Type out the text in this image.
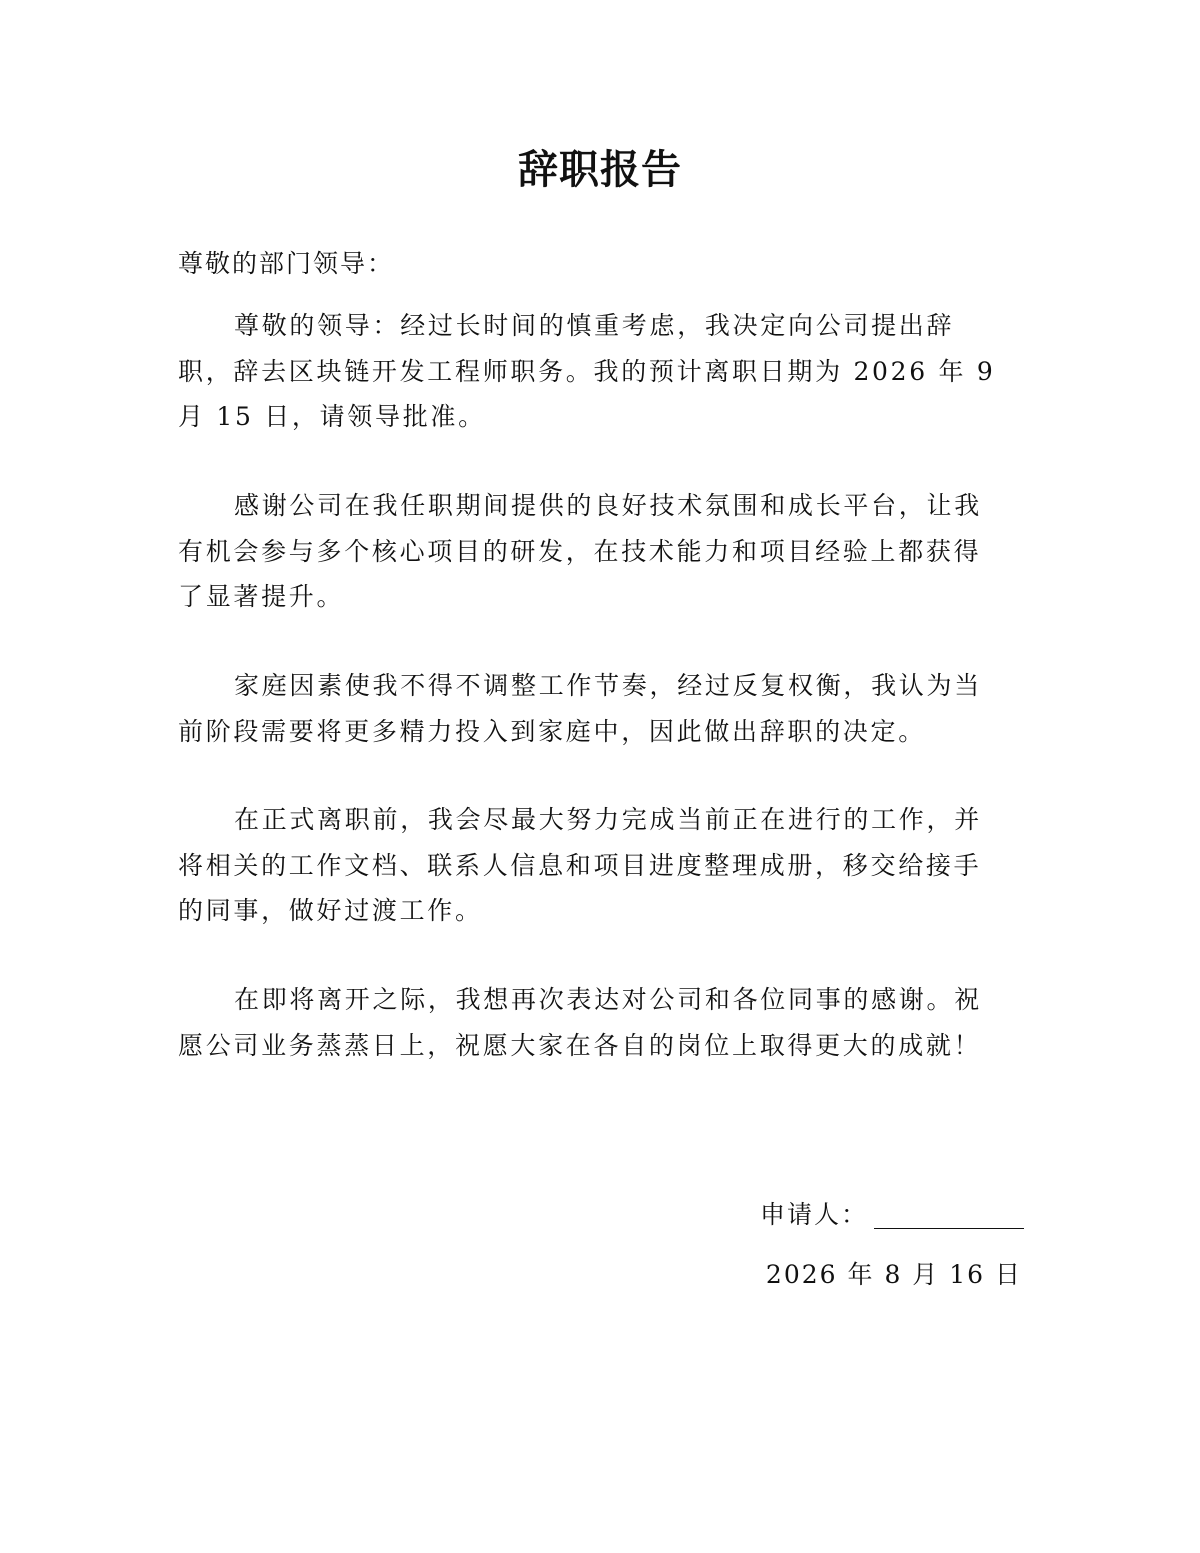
辞职报告
尊敬的部门领导：

尊敬的领导：经过长时间的慎重考虑，我决定向公司提出辞职，辞去区块链开发工程师职务。我的预计离职日期为 2026 年 9 月 15 日，请领导批准。

感谢公司在我任职期间提供的良好技术氛围和成长平台，让我有机会参与多个核心项目的研发，在技术能力和项目经验上都获得了显著提升。

家庭因素使我不得不调整工作节奏，经过反复权衡，我认为当前阶段需要将更多精力投入到家庭中，因此做出辞职的决定。

在正式离职前，我会尽最大努力完成当前正在进行的工作，并将相关的工作文档、联系人信息和项目进度整理成册，移交给接手的同事，做好过渡工作。

在即将离开之际，我想再次表达对公司和各位同事的感谢。祝愿公司业务蒸蒸日上，祝愿大家在各自的岗位上取得更大的成就！

申请人：
2026 年 8 月 16 日
